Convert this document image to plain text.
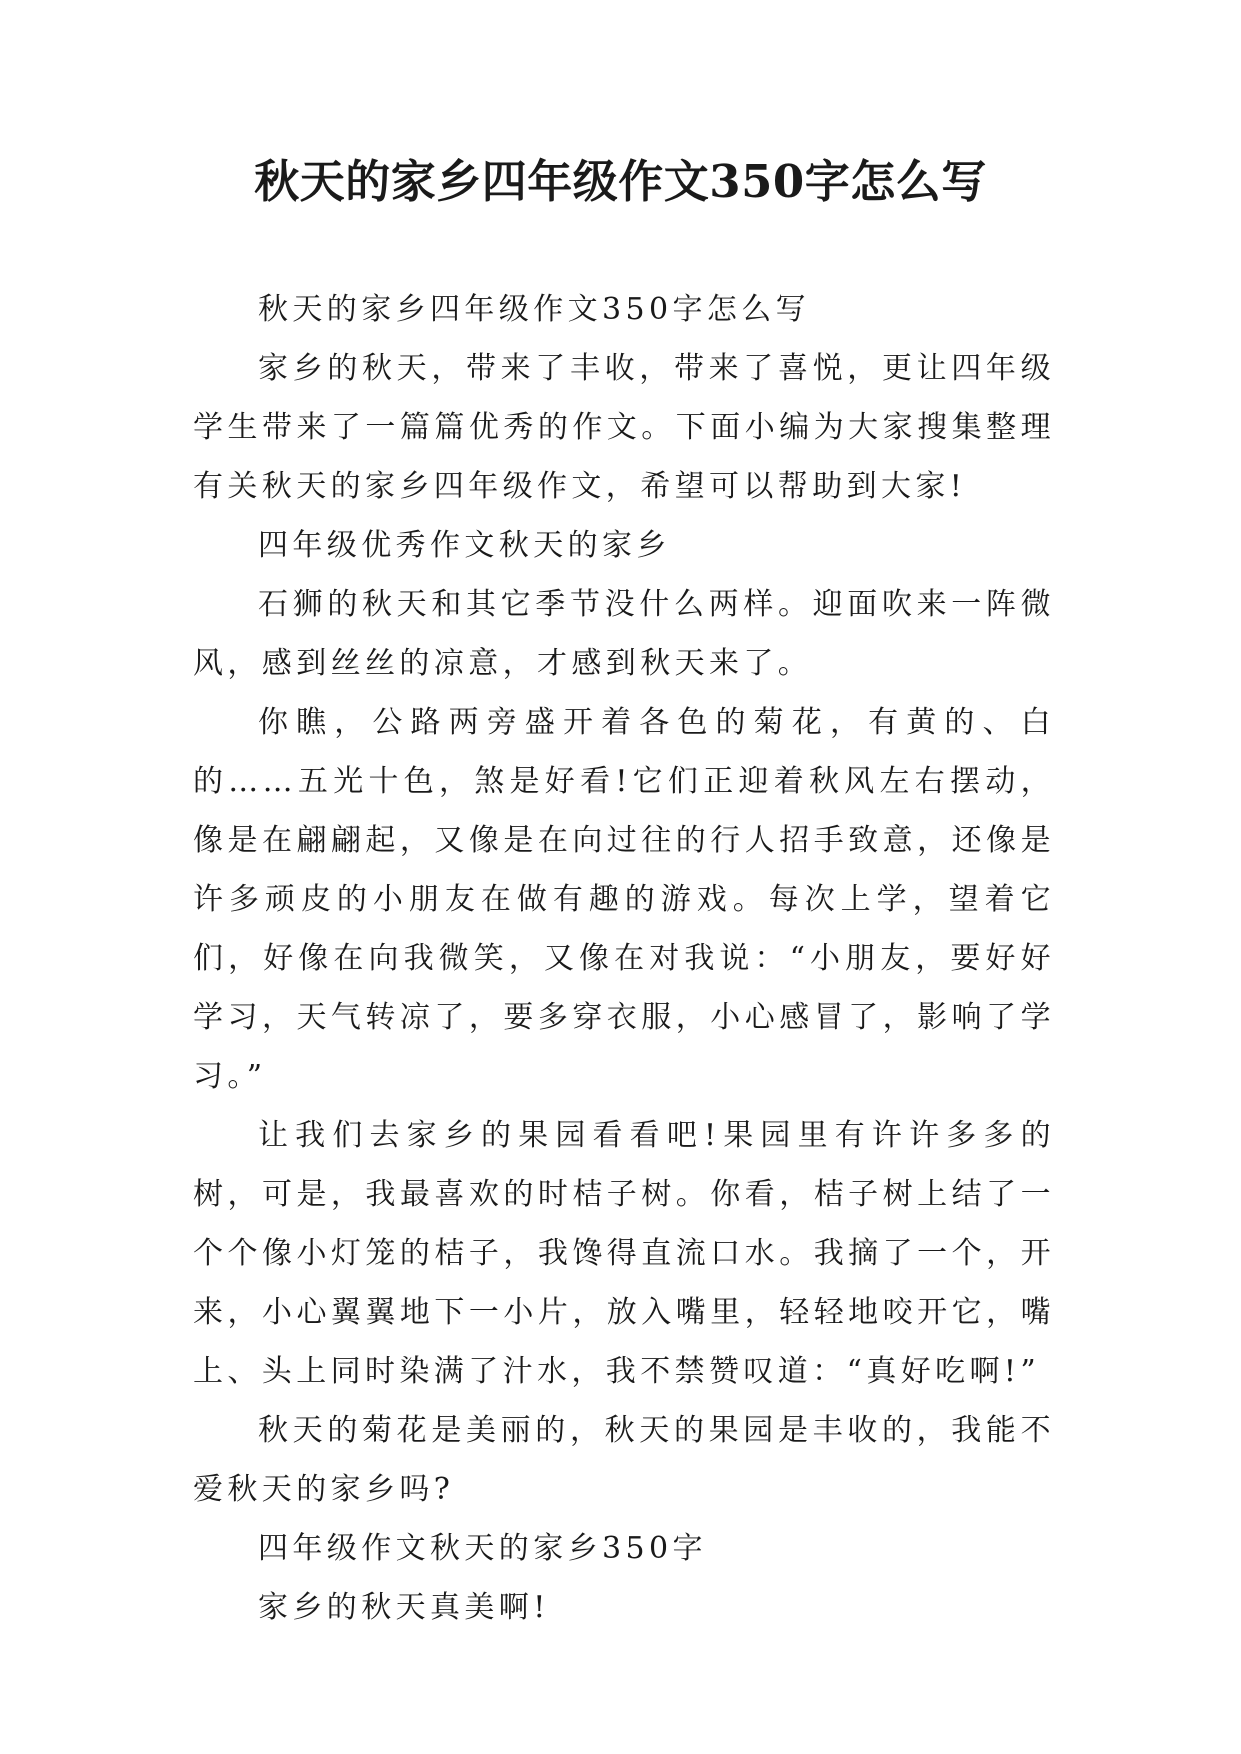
秋天的家乡四年级作文350字怎么写

秋天的家乡四年级作文350字怎么写

家乡的秋天，带来了丰收，带来了喜悦，更让四年级学生带来了一篇篇优秀的作文。下面小编为大家搜集整理有关秋天的家乡四年级作文，希望可以帮助到大家!

四年级优秀作文秋天的家乡

石狮的秋天和其它季节没什么两样。迎面吹来一阵微风，感到丝丝的凉意，才感到秋天来了。

你瞧，公路两旁盛开着各色的菊花，有黄的、白的……五光十色，煞是好看!它们正迎着秋风左右摆动，像是在翩翩起，又像是在向过往的行人招手致意，还像是许多顽皮的小朋友在做有趣的游戏。每次上学，望着它们，好像在向我微笑，又像在对我说：“小朋友，要好好学习，天气转凉了，要多穿衣服，小心感冒了，影响了学习。”

让我们去家乡的果园看看吧!果园里有许许多多的树，可是，我最喜欢的时桔子树。你看，桔子树上结了一个个像小灯笼的桔子，我馋得直流口水。我摘了一个，开来，小心翼翼地下一小片，放入嘴里，轻轻地咬开它，嘴上、头上同时染满了汁水，我不禁赞叹道：“真好吃啊!”

秋天的菊花是美丽的，秋天的果园是丰收的，我能不爱秋天的家乡吗?

四年级作文秋天的家乡350字

家乡的秋天真美啊!
